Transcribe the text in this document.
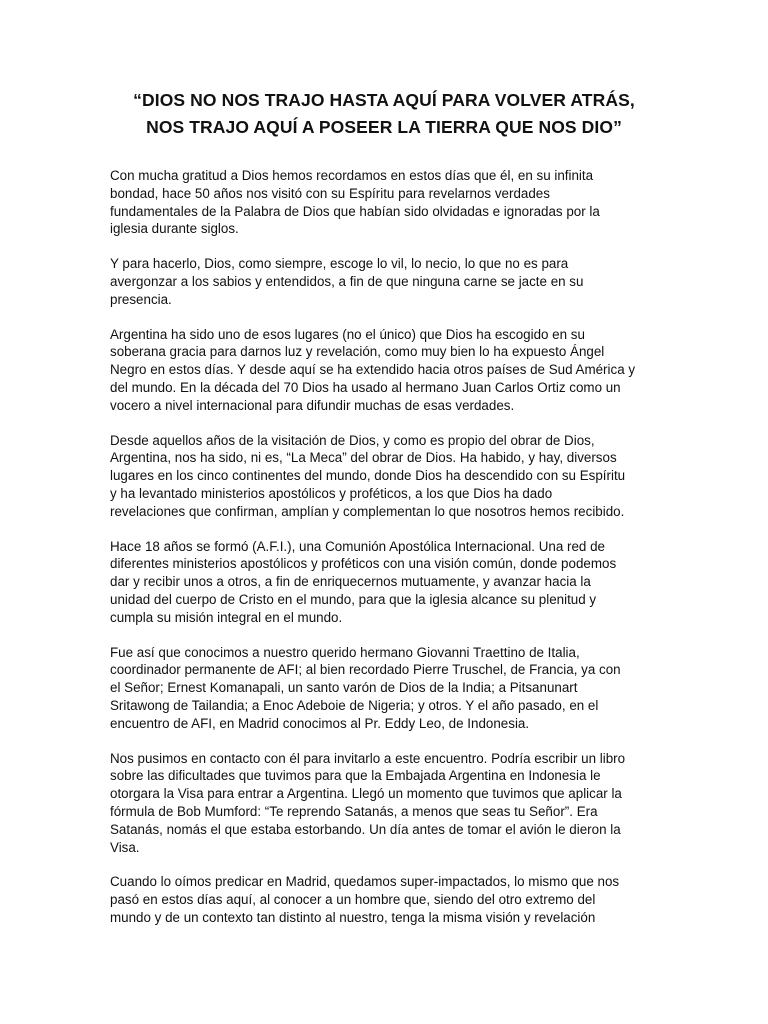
“DIOS NO NOS TRAJO HASTA AQUÍ PARA VOLVER ATRÁS,
NOS TRAJO AQUÍ A POSEER LA TIERRA QUE NOS DIO”

Con mucha gratitud a Dios hemos recordamos en estos días que él, en su infinita
bondad, hace 50 años nos visitó con su Espíritu para revelarnos verdades
fundamentales de la Palabra de Dios que habían sido olvidadas e ignoradas por la
iglesia durante siglos.

Y para hacerlo, Dios, como siempre, escoge lo vil, lo necio, lo que no es para
avergonzar a los sabios y entendidos, a fin de que ninguna carne se jacte en su
presencia.

Argentina ha sido uno de esos lugares (no el único) que Dios ha escogido en su
soberana gracia para darnos luz y revelación, como muy bien lo ha expuesto Ángel
Negro en estos días. Y desde aquí se ha extendido hacia otros países de Sud América y
del mundo. En la década del 70 Dios ha usado al hermano Juan Carlos Ortiz como un
vocero a nivel internacional para difundir muchas de esas verdades.

Desde aquellos años de la visitación de Dios, y como es propio del obrar de Dios,
Argentina, nos ha sido, ni es, “La Meca” del obrar de Dios. Ha habido, y hay, diversos
lugares en los cinco continentes del mundo, donde Dios ha descendido con su Espíritu
y ha levantado ministerios apostólicos y proféticos, a los que Dios ha dado
revelaciones que confirman, amplían y complementan lo que nosotros hemos recibido.

Hace 18 años se formó (A.F.I.), una Comunión Apostólica Internacional. Una red de
diferentes ministerios apostólicos y proféticos con una visión común, donde podemos
dar y recibir unos a otros, a fin de enriquecernos mutuamente, y avanzar hacia la
unidad del cuerpo de Cristo en el mundo, para que la iglesia alcance su plenitud y
cumpla su misión integral en el mundo.

Fue así que conocimos a nuestro querido hermano Giovanni Traettino de Italia,
coordinador permanente de AFI; al bien recordado Pierre Truschel, de Francia, ya con
el Señor; Ernest Komanapali, un santo varón de Dios de la India; a Pitsanunart
Sritawong de Tailandia; a Enoc Adeboie de Nigeria; y otros. Y el año pasado, en el
encuentro de AFI, en Madrid conocimos al Pr. Eddy Leo, de Indonesia.

Nos pusimos en contacto con él para invitarlo a este encuentro. Podría escribir un libro
sobre las dificultades que tuvimos para que la Embajada Argentina en Indonesia le
otorgara la Visa para entrar a Argentina. Llegó un momento que tuvimos que aplicar la
fórmula de Bob Mumford: “Te reprendo Satanás, a menos que seas tu Señor”. Era
Satanás, nomás el que estaba estorbando. Un día antes de tomar el avión le dieron la
Visa.

Cuando lo oímos predicar en Madrid, quedamos super-impactados, lo mismo que nos
pasó en estos días aquí, al conocer a un hombre que, siendo del otro extremo del
mundo y de un contexto tan distinto al nuestro, tenga la misma visión y revelación
